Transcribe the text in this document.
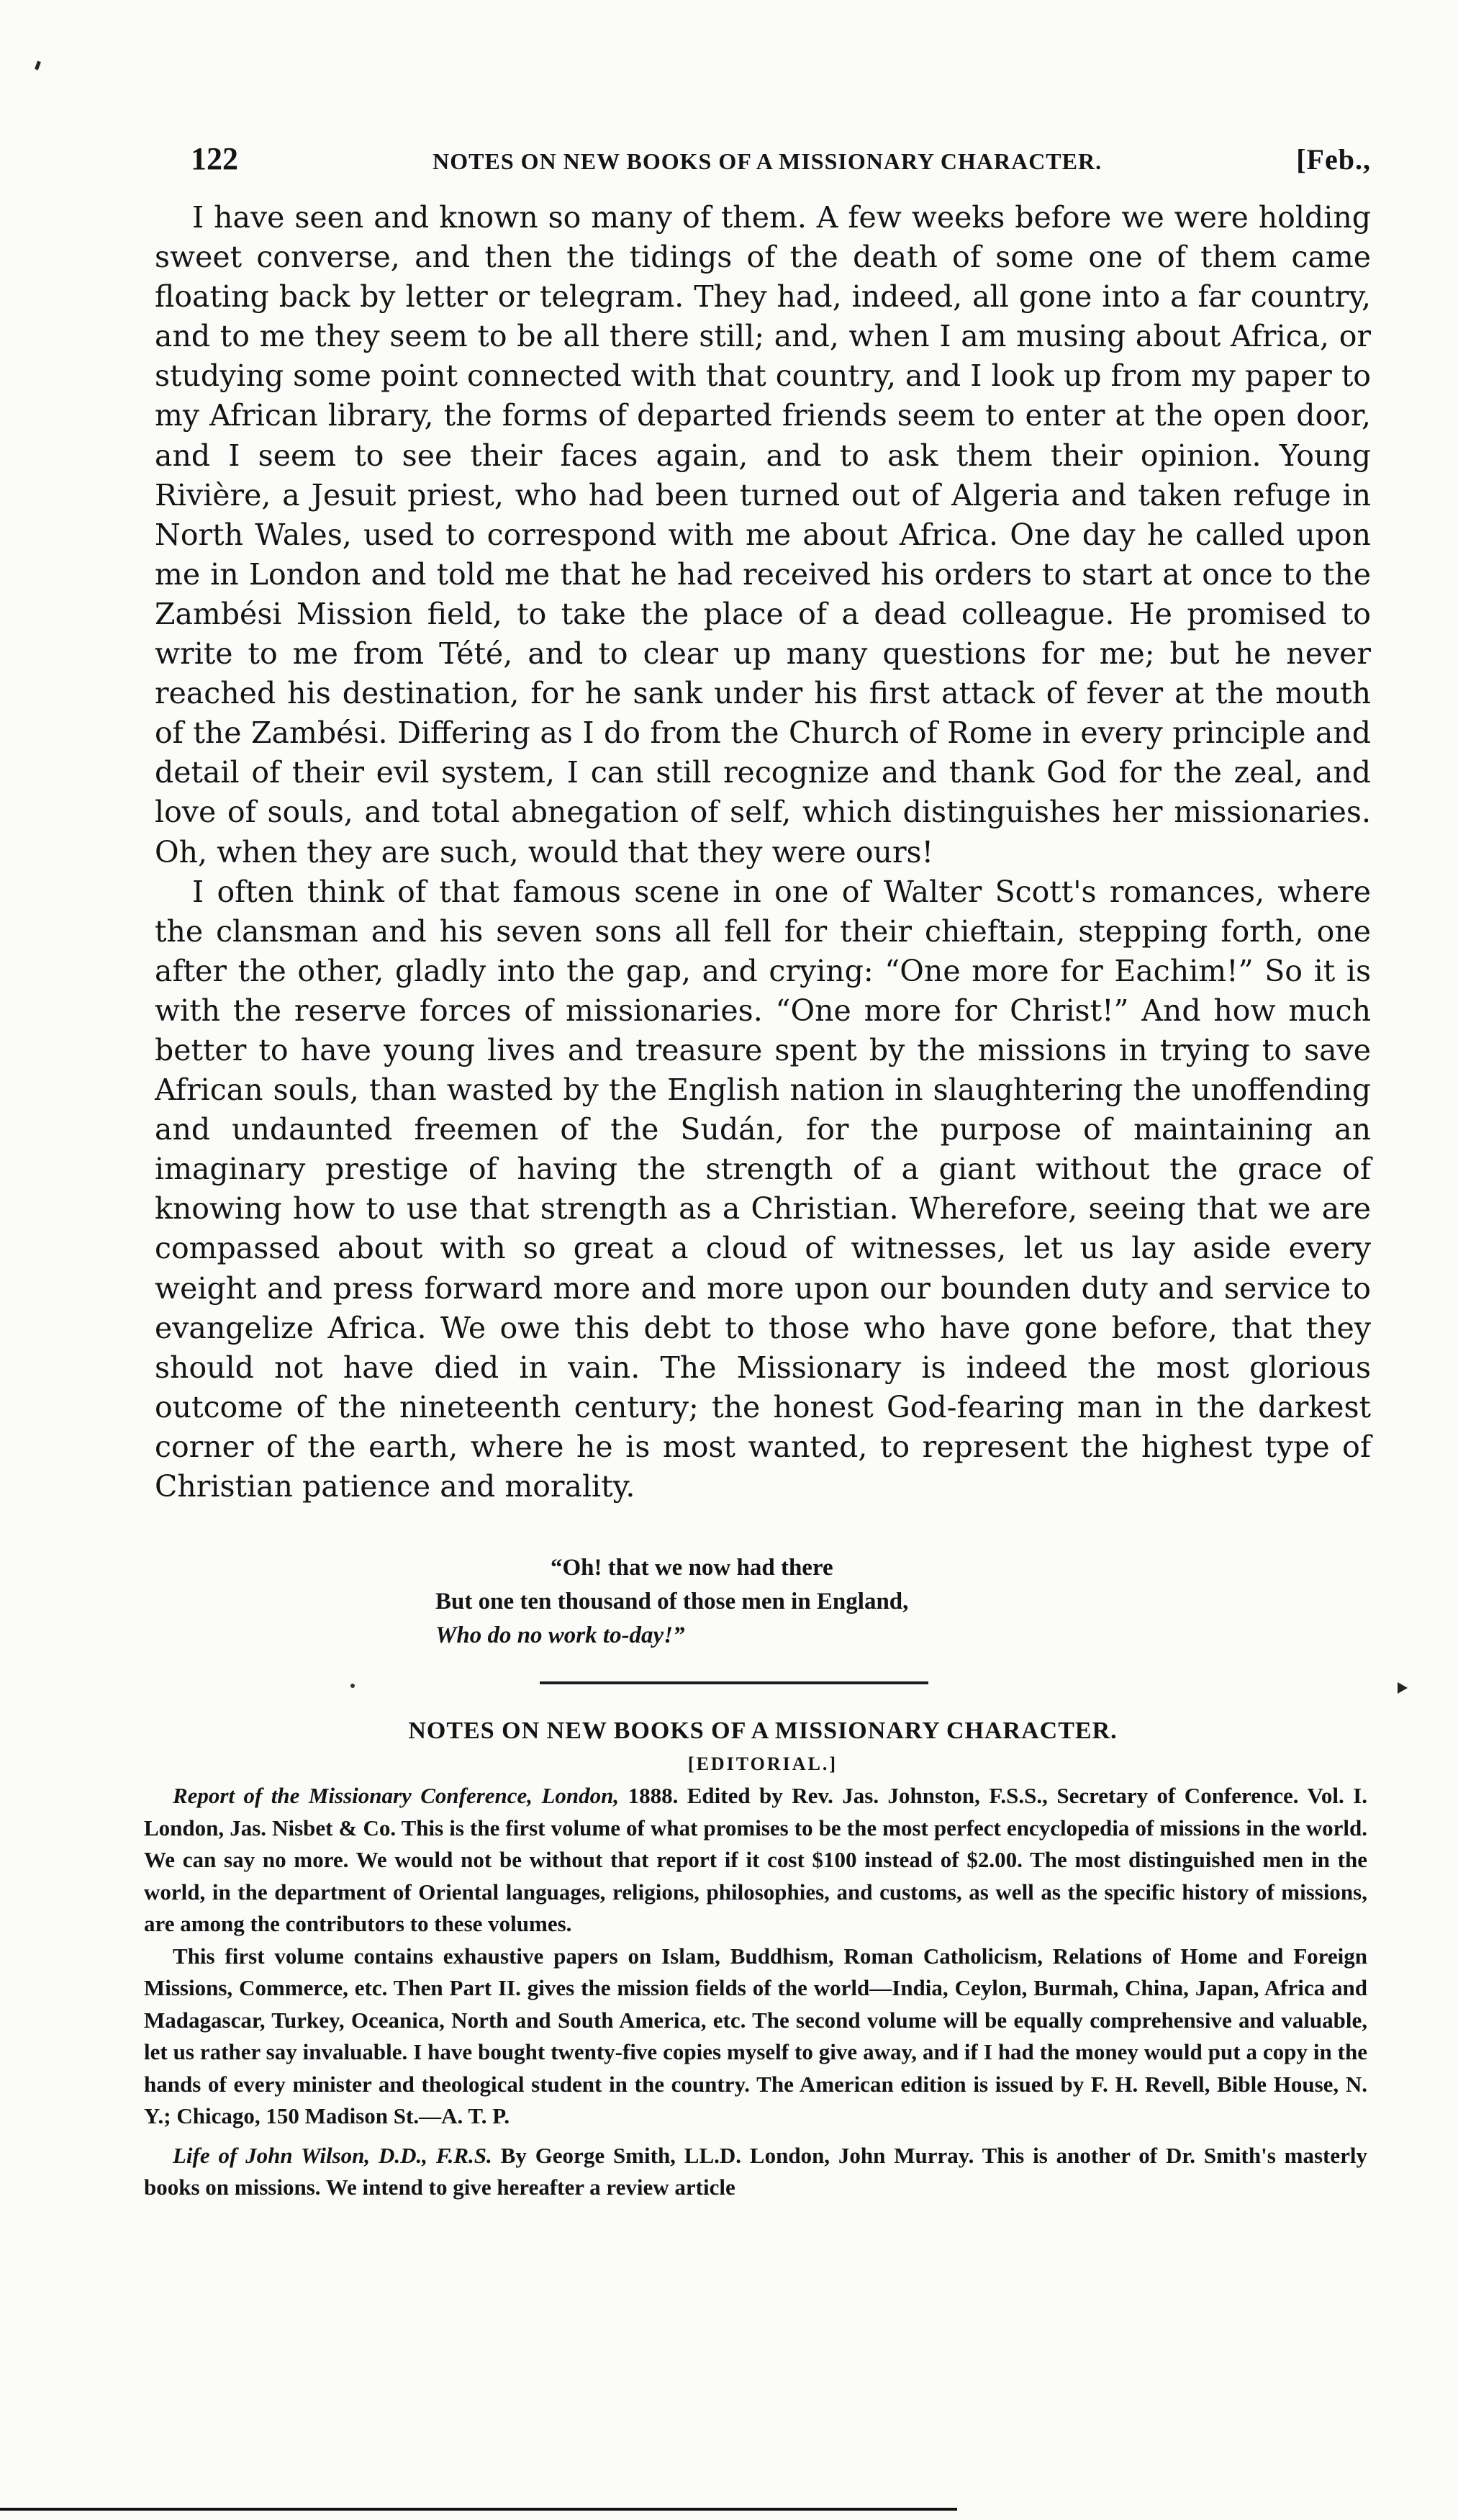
122	NOTES ON NEW BOOKS OF A MISSIONARY CHARACTER.	[Feb.,

I have seen and known so many of them. A few weeks before we were holding sweet converse, and then the tidings of the death of some one of them came floating back by letter or telegram. They had, indeed, all gone into a far country, and to me they seem to be all there still; and, when I am musing about Africa, or studying some point connected with that country, and I look up from my paper to my African library, the forms of departed friends seem to enter at the open door, and I seem to see their faces again, and to ask them their opinion. Young Rivière, a Jesuit priest, who had been turned out of Algeria and taken refuge in North Wales, used to correspond with me about Africa. One day he called upon me in London and told me that he had received his orders to start at once to the Zambési Mission field, to take the place of a dead colleague. He promised to write to me from Tété, and to clear up many questions for me; but he never reached his destination, for he sank under his first attack of fever at the mouth of the Zambési. Differing as I do from the Church of Rome in every principle and detail of their evil system, I can still recognize and thank God for the zeal, and love of souls, and total abnegation of self, which distinguishes her missionaries. Oh, when they are such, would that they were ours!

I often think of that famous scene in one of Walter Scott's romances, where the clansman and his seven sons all fell for their chieftain, stepping forth, one after the other, gladly into the gap, and crying: “One more for Eachim!” So it is with the reserve forces of missionaries. “One more for Christ!” And how much better to have young lives and treasure spent by the missions in trying to save African souls, than wasted by the English nation in slaughtering the unoffending and undaunted freemen of the Sudán, for the purpose of maintaining an imaginary prestige of having the strength of a giant without the grace of knowing how to use that strength as a Christian. Wherefore, seeing that we are compassed about with so great a cloud of witnesses, let us lay aside every weight and press forward more and more upon our bounden duty and service to evangelize Africa. We owe this debt to those who have gone before, that they should not have died in vain. The Missionary is indeed the most glorious outcome of the nineteenth century; the honest God-fearing man in the darkest corner of the earth, where he is most wanted, to represent the highest type of Christian patience and morality.

“Oh! that we now had there
But one ten thousand of those men in England,
Who do no work to-day!”
NOTES ON NEW BOOKS OF A MISSIONARY CHARACTER.
[EDITORIAL.]

Report of the Missionary Conference, London, 1888. Edited by Rev. Jas. Johnston, F.S.S., Secretary of Conference. Vol. I. London, Jas. Nisbet & Co. This is the first volume of what promises to be the most perfect encyclopedia of missions in the world. We can say no more. We would not be without that report if it cost $100 instead of $2.00. The most distinguished men in the world, in the department of Oriental languages, religions, philosophies, and customs, as well as the specific history of missions, are among the contributors to these volumes.

This first volume contains exhaustive papers on Islam, Buddhism, Roman Catholicism, Relations of Home and Foreign Missions, Commerce, etc. Then Part II. gives the mission fields of the world—India, Ceylon, Burmah, China, Japan, Africa and Madagascar, Turkey, Oceanica, North and South America, etc. The second volume will be equally comprehensive and valuable, let us rather say invaluable. I have bought twenty-five copies myself to give away, and if I had the money would put a copy in the hands of every minister and theological student in the country. The American edition is issued by F. H. Revell, Bible House, N. Y.; Chicago, 150 Madison St.—A. T. P.

Life of John Wilson, D.D., F.R.S. By George Smith, LL.D. London, John Murray. This is another of Dr. Smith's masterly books on missions. We intend to give hereafter a review article
